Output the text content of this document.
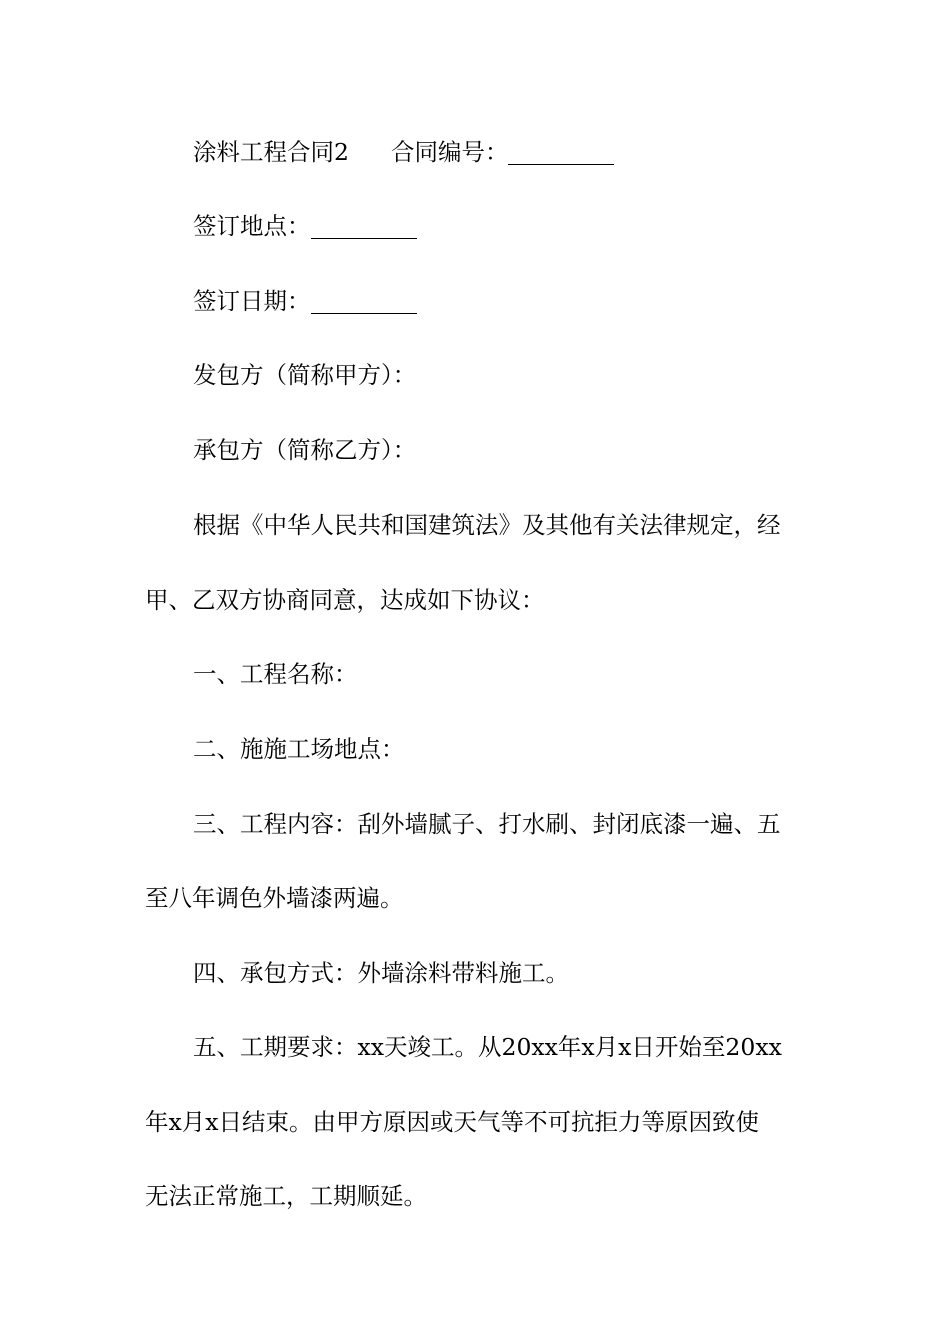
涂料工程合同2 合同编号：
签订地点：
签订日期：
发包方（简称甲方）：
承包方（简称乙方）：
根据《中华人民共和国建筑法》及其他有关法律规定，经
甲、乙双方协商同意，达成如下协议：
一、工程名称：
二、施施工场地点：
三、工程内容：刮外墙腻子、打水刷、封闭底漆一遍、五
至八年调色外墙漆两遍。
四、承包方式：外墙涂料带料施工。
五、工期要求：xx天竣工。从20xx年x月x日开始至20xx
年x月x日结束。由甲方原因或天气等不可抗拒力等原因致使
无法正常施工，工期顺延。
